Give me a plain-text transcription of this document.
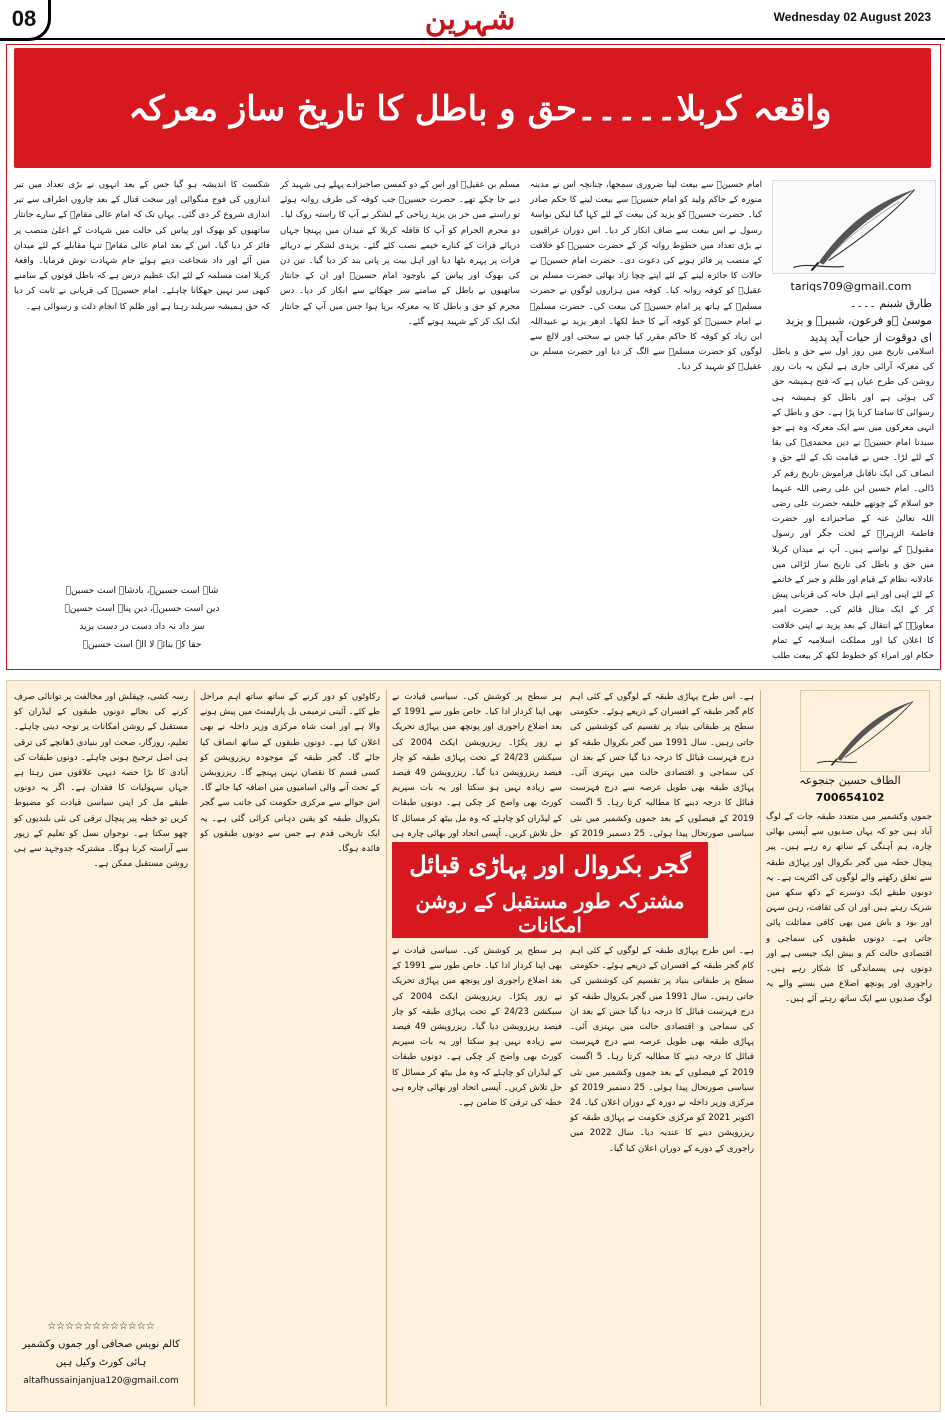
08	شہرین	Wednesday 02 August 2023
واقعہ کربلا۔۔۔۔۔حق و باطل کا تاریخ ساز معرکہ
tariqs709@gmail.com
طارق شبنم ۔۔۔۔
موسیٰ ؑو فرعون، شبیرؑ و یزید
ای دوقوت از حیات آید پدید
اسلامی تاریخ میں روز اول سے حق و باطل کی معرکہ آرائی جاری ہے لیکن یہ بات روز روشن کی طرح عیاں ہے کہ فتح ہمیشہ حق کی ہوئی ہے اور باطل کو ہمیشہ ہی رسوائی کا سامنا کرنا پڑا ہے۔ حق و باطل کے انہی معرکوں میں سے ایک معرکہ وہ ہے جو سیدنا امام حسینؓ نے دین محمدیؐ کی بقا کے لئے لڑا۔ جس نے قیامت تک کے لئے حق و انصاف کی ایک ناقابل فراموش تاریخ رقم کر ڈالی۔ امام حسین ابن علی رضی اللہ عنہما جو اسلام کے چوتھے خلیفہ حضرت علی رضی اللہ تعالیٰ عنہ کے صاحبزادے اور حضرت فاطمۃ الزہراؓ کے لخت جگر اور رسول مقبولؐ کے نواسے ہیں۔ آپ نے میدان کربلا میں حق و باطل کی تاریخ ساز لڑائی میں عادلانہ نظام کے قیام اور ظلم و جبر کے خاتمے کے لئے اپنی اور اپنے اہل خانہ کی قربانی پیش کر کے ایک مثال قائم کی۔ حضرت امیر معاویہؓ کے انتقال کے بعد یزید نے اپنی خلافت کا اعلان کیا اور مملکت اسلامیہ کے تمام حکام اور امراء کو خطوط لکھ کر بیعت طلب
امام حسینؓ سے بیعت لینا ضروری سمجھا، چنانچہ اس نے مدینہ منورہ کے حاکم ولید کو امام حسینؓ سے بیعت لینے کا حکم صادر کیا۔ حضرت حسینؓ کو یزید کی بیعت کے لئے کہا گیا لیکن نواسۂ رسول نے اس بیعت سے صاف انکار کر دیا۔ اس دوران عراقیوں نے بڑی تعداد میں خطوط روانہ کر کے حضرت حسینؓ کو خلافت کے منصب پر فائز ہونے کی دعوت دی۔ حضرت امام حسینؓ نے حالات کا جائزہ لینے کے لئے اپنے چچا زاد بھائی حضرت مسلم بن عقیلؓ کو کوفہ روانہ کیا۔ کوفہ میں ہزاروں لوگوں نے حضرت مسلمؓ کے ہاتھ پر امام حسینؓ کی بیعت کی۔ حضرت مسلمؓ نے امام حسینؓ کو کوفہ آنے کا خط لکھا۔ ادھر یزید نے عبیداللہ ابن زیاد کو کوفہ کا حاکم مقرر کیا جس نے سختی اور لالچ سے لوگوں کو حضرت مسلمؓ سے الگ کر دیا اور حضرت مسلم بن عقیلؓ کو شہید کر دیا۔
مسلم بن عقیلؓ اور اس کے دو کمسن صاحبزادے پہلے ہی شہید کر دیے جا چکے تھے۔ حضرت حسینؓ جب کوفہ کی طرف روانہ ہوئے تو راستے میں حر بن یزید ریاحی کے لشکر نے آپ کا راستہ روک لیا۔ دو محرم الحرام کو آپ کا قافلہ کربلا کے میدان میں پہنچا جہاں دریائے فرات کے کنارے خیمے نصب کئے گئے۔ یزیدی لشکر نے دریائے فرات پر پہرہ بٹھا دیا اور اہل بیت پر پانی بند کر دیا گیا۔ تین دن کی بھوک اور پیاس کے باوجود امام حسینؓ اور ان کے جانثار ساتھیوں نے باطل کے سامنے سر جھکانے سے انکار کر دیا۔ دس محرم کو حق و باطل کا یہ معرکہ برپا ہوا جس میں آپ کے جانثار ایک ایک کر کے شہید ہوتے گئے۔
شکست کا اندیشہ ہو گیا جس کے بعد انہوں نے بڑی تعداد میں تیر اندازوں کی فوج منگوائی اور سخت قتال کے بعد چاروں اطراف سے تیر اندازی شروع کر دی گئی۔ یہاں تک کہ امام عالی مقامؓ کے سارے جانثار ساتھیوں کو بھوک اور پیاس کی حالت میں شہادت کے اعلیٰ منصب پر فائز کر دیا گیا۔ اس کے بعد امام عالی مقامؓ تنہا مقابلے کے لئے میدان میں آئے اور داد شجاعت دیتے ہوئے جام شہادت نوش فرمایا۔ واقعۂ کربلا امت مسلمہ کے لئے ایک عظیم درس ہے کہ باطل قوتوں کے سامنے کبھی سر نہیں جھکانا چاہئے۔ امام حسینؓ کی قربانی نے ثابت کر دیا کہ حق ہمیشہ سربلند رہتا ہے اور ظلم کا انجام ذلت و رسوائی ہے۔
شاہ است حسینؓ، بادشاہ است حسینؓ
دین است حسینؓ، دین پناہ است حسینؓ
سر داد نہ داد دست در دست یزید
حقا کہ بنائے لا الہٰ است حسینؓ
الطاف حسین جنجوعہ
700654102
جموں وکشمیر میں متعدد طبقہ جات کے لوگ آباد ہیں جو کہ یہاں صدیوں سے آپسی بھائی چارہ، ہم آہنگی کے ساتھ رہ رہے ہیں۔ پیر پنچال خطہ میں گجر بکروال اور پہاڑی طبقہ سے تعلق رکھنے والے لوگوں کی اکثریت ہے۔ یہ دونوں طبقے ایک دوسرے کے دکھ سکھ میں شریک رہتے ہیں اور ان کی ثقافت، رہن سہن اور بود و باش میں بھی کافی مماثلت پائی جاتی ہے۔ دونوں طبقوں کی سماجی و اقتصادی حالت کم و بیش ایک جیسی ہے اور دونوں ہی پسماندگی کا شکار رہے ہیں۔ راجوری اور پونچھ اضلاع میں بسنے والے یہ لوگ صدیوں سے ایک ساتھ رہتے آئے ہیں۔
ہے۔ اس طرح پہاڑی طبقہ کے لوگوں کے کئی اہم کام گجر طبقہ کے افسران کے ذریعے ہوئے۔ حکومتی سطح پر طبقاتی بنیاد پر تقسیم کی کوششیں کی جاتی رہیں۔ سال 1991 میں گجر بکروال طبقہ کو درج فہرست قبائل کا درجہ دیا گیا جس کے بعد ان کی سماجی و اقتصادی حالت میں بہتری آئی۔ پہاڑی طبقہ بھی طویل عرصہ سے درج فہرست قبائل کا درجہ دینے کا مطالبہ کرتا رہا۔ 5 اگست 2019 کے فیصلوں کے بعد جموں وکشمیر میں نئی سیاسی صورتحال پیدا ہوئی۔ 25 دسمبر 2019 کو
ہر سطح پر کوشش کی۔ سیاسی قیادت نے بھی اپنا کردار ادا کیا۔ خاص طور سے 1991 کے بعد اضلاع راجوری اور پونچھ میں پہاڑی تحریک نے زور پکڑا۔ ریزرویشن ایکٹ 2004 کی سیکشن 24/23 کے تحت پہاڑی طبقہ کو چار فیصد ریزرویشن دیا گیا۔ ریزرویشن 49 فیصد سے زیادہ نہیں ہو سکتا اور یہ بات سپریم کورٹ بھی واضح کر چکی ہے۔ دونوں طبقات کے لیڈران کو چاہئے کہ وہ مل بیٹھ کر مسائل کا حل تلاش کریں۔ آپسی اتحاد اور بھائی چارہ ہی
گجر بکروال اور پہاڑی قبائل
مشترکہ طور مستقبل کے روشن امکانات
ہے۔ اس طرح پہاڑی طبقہ کے لوگوں کے کئی اہم کام گجر طبقہ کے افسران کے ذریعے ہوئے۔ حکومتی سطح پر طبقاتی بنیاد پر تقسیم کی کوششیں کی جاتی رہیں۔ سال 1991 میں گجر بکروال طبقہ کو درج فہرست قبائل کا درجہ دیا گیا جس کے بعد ان کی سماجی و اقتصادی حالت میں بہتری آئی۔ پہاڑی طبقہ بھی طویل عرصہ سے درج فہرست قبائل کا درجہ دینے کا مطالبہ کرتا رہا۔ 5 اگست 2019 کے فیصلوں کے بعد جموں وکشمیر میں نئی سیاسی صورتحال پیدا ہوئی۔ 25 دسمبر 2019 کو مرکزی وزیر داخلہ نے دورہ کے دوران اعلان کیا۔ 24 اکتوبر 2021 کو مرکزی حکومت نے پہاڑی طبقہ کو ریزرویشن دینے کا عندیہ دیا۔ سال 2022 میں راجوری کے دورے کے دوران اعلان کیا گیا۔
ہر سطح پر کوشش کی۔ سیاسی قیادت نے بھی اپنا کردار ادا کیا۔ خاص طور سے 1991 کے بعد اضلاع راجوری اور پونچھ میں پہاڑی تحریک نے زور پکڑا۔ ریزرویشن ایکٹ 2004 کی سیکشن 24/23 کے تحت پہاڑی طبقہ کو چار فیصد ریزرویشن دیا گیا۔ ریزرویشن 49 فیصد سے زیادہ نہیں ہو سکتا اور یہ بات سپریم کورٹ بھی واضح کر چکی ہے۔ دونوں طبقات کے لیڈران کو چاہئے کہ وہ مل بیٹھ کر مسائل کا حل تلاش کریں۔ آپسی اتحاد اور بھائی چارہ ہی خطہ کی ترقی کا ضامن ہے۔
رکاوٹوں کو دور کرنے کے ساتھ ساتھ اہم مراحل طے کئے۔ آئینی ترمیمی بل پارلیمنٹ میں پیش ہونے والا ہے اور امت شاہ مرکزی وزیر داخلہ نے بھی اعلان کیا ہے۔ دونوں طبقوں کے ساتھ انصاف کیا جائے گا۔ گجر طبقہ کے موجودہ ریزرویشن کو کسی قسم کا نقصان نہیں پہنچے گا۔ ریزرویشن کے تحت آنے والی اسامیوں میں اضافہ کیا جائے گا۔ اس حوالے سے مرکزی حکومت کی جانب سے گجر بکروال طبقہ کو یقین دہانی کرائی گئی ہے۔ یہ ایک تاریخی قدم ہے جس سے دونوں طبقوں کو فائدہ ہوگا۔
رسہ کشی، چپقلش اور مخالفت پر توانائی صرف کرنے کی بجائے دونوں طبقوں کے لیڈران کو مستقبل کے روشن امکانات پر توجہ دینی چاہئے۔ تعلیم، روزگار، صحت اور بنیادی ڈھانچے کی ترقی ہی اصل ترجیح ہونی چاہئے۔ دونوں طبقات کی آبادی کا بڑا حصہ دیہی علاقوں میں رہتا ہے جہاں سہولیات کا فقدان ہے۔ اگر یہ دونوں طبقے مل کر اپنی سیاسی قیادت کو مضبوط کریں تو خطہ پیر پنچال ترقی کی نئی بلندیوں کو چھو سکتا ہے۔ نوجوان نسل کو تعلیم کے زیور سے آراستہ کرنا ہوگا۔ مشترکہ جدوجہد سے ہی روشن مستقبل ممکن ہے۔
☆☆☆☆☆☆☆☆☆☆☆☆
کالم نویس صحافی اور جموں وکشمیر ہائی کورٹ وکیل ہیں
altafhussainjanjua120@gmail.com
